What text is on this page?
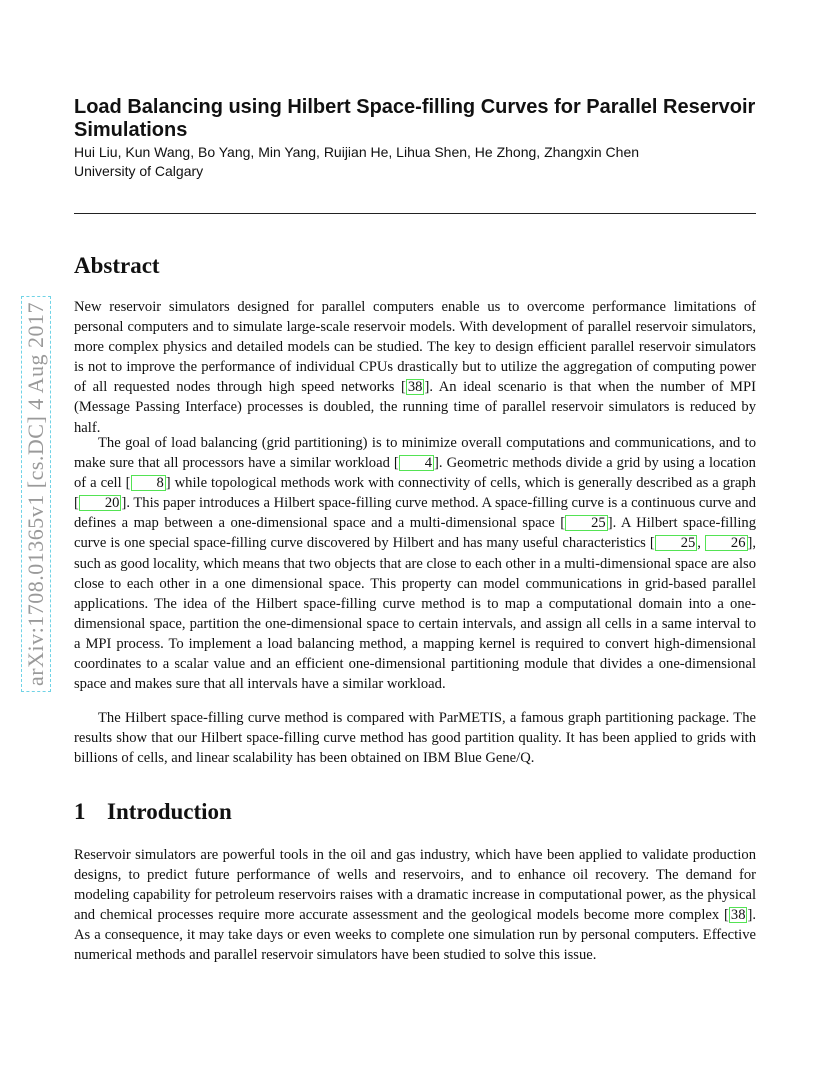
Load Balancing using Hilbert Space-filling Curves for Parallel Reservoir Simulations
Hui Liu, Kun Wang, Bo Yang, Min Yang, Ruijian He, Lihua Shen, He Zhong, Zhangxin Chen
University of Calgary
arXiv:1708.01365v1 [cs.DC] 4 Aug 2017
Abstract
New reservoir simulators designed for parallel computers enable us to overcome performance limitations of personal computers and to simulate large-scale reservoir models. With development of parallel reservoir simulators, more complex physics and detailed models can be studied. The key to design efficient parallel reservoir simulators is not to improve the performance of individual CPUs drastically but to utilize the aggregation of computing power of all requested nodes through high speed networks [ 38 ]. An ideal scenario is that when the number of MPI (Message Passing Interface) processes is doubled, the running time of parallel reservoir simulators is reduced by half.
The goal of load balancing (grid partitioning) is to minimize overall computations and communications, and to make sure that all processors have a similar workload [ 4 ]. Geometric methods divide a grid by using a location of a cell [ 8 ] while topological methods work with connectivity of cells, which is generally described as a graph [ 20 ]. This paper introduces a Hilbert space-filling curve method. A space-filling curve is a continuous curve and defines a map between a one-dimensional space and a multi-dimensional space [ 25 ]. A Hilbert space-filling curve is one special space-filling curve discovered by Hilbert and has many useful characteristics [ 25 , 26 ], such as good locality, which means that two objects that are close to each other in a multi-dimensional space are also close to each other in a one dimensional space. This property can model communications in grid-based parallel applications. The idea of the Hilbert space-filling curve method is to map a computational domain into a one-dimensional space, partition the one-dimensional space to certain intervals, and assign all cells in a same interval to a MPI process. To implement a load balancing method, a mapping kernel is required to convert high-dimensional coordinates to a scalar value and an efficient one-dimensional partitioning module that divides a one-dimensional space and makes sure that all intervals have a similar workload.
The Hilbert space-filling curve method is compared with ParMETIS, a famous graph partitioning package. The results show that our Hilbert space-filling curve method has good partition quality. It has been applied to grids with billions of cells, and linear scalability has been obtained on IBM Blue Gene/Q.
1 Introduction
Reservoir simulators are powerful tools in the oil and gas industry, which have been applied to validate production designs, to predict future performance of wells and reservoirs, and to enhance oil recovery. The demand for modeling capability for petroleum reservoirs raises with a dramatic increase in computational power, as the physical and chemical processes require more accurate assessment and the geological models become more complex [ 38 ]. As a consequence, it may take days or even weeks to complete one simulation run by personal computers. Effective numerical methods and parallel reservoir simulators have been studied to solve this issue.
